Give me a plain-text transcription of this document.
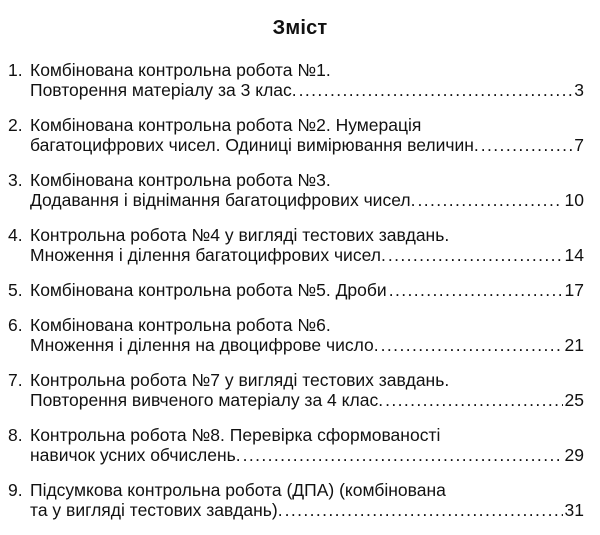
Зміст
1. Комбінована контрольна робота №1.
Повторення матеріалу за 3 клас. .....	3
2. Комбінована контрольна робота №2. Нумерація
багатоцифрових чисел. Одиниці вимірювання величин. .....	7
3. Комбінована контрольна робота №3.
Додавання і віднімання багатоцифрових чисел. .....	10
4. Контрольна робота №4 у вигляді тестових завдань.
Множення і ділення багатоцифрових чисел. .....	14
5. Комбінована контрольна робота №5. Дроби .....	17
6. Комбінована контрольна робота №6.
Множення і ділення на двоцифрове число. .....	21
7. Контрольна робота №7 у вигляді тестових завдань.
Повторення вивченого матеріалу за 4 клас. .....	25
8. Контрольна робота №8. Перевірка сформованості
навичок усних обчислень. .....	29
9. Підсумкова контрольна робота (ДПА) (комбінована
та у вигляді тестових завдань). .....	31
